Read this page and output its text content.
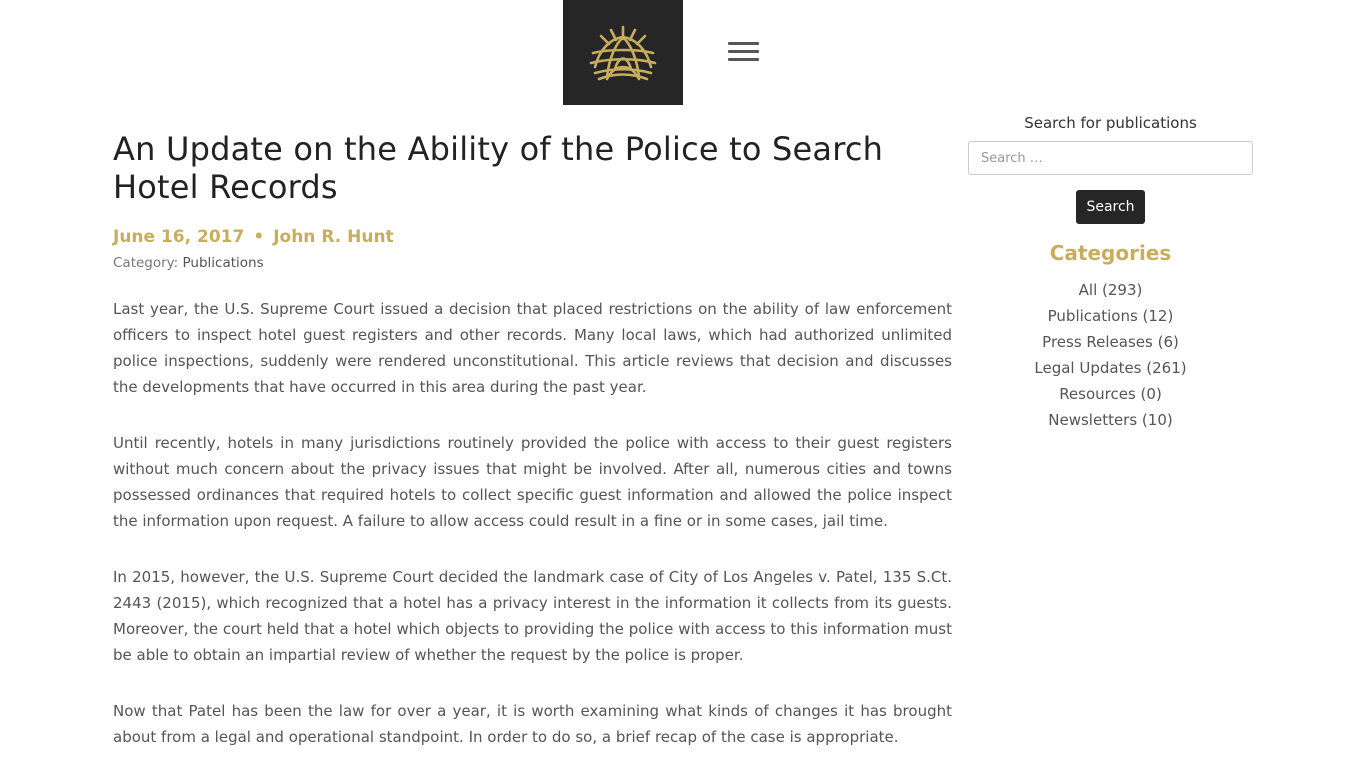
An Update on the Ability of the Police to Search Hotel Records
June 16, 2017 • John R. Hunt
Category: Publications

Last year, the U.S. Supreme Court issued a decision that placed restrictions on the ability of law enforcement officers to inspect hotel guest registers and other records. Many local laws, which had authorized unlimited police inspections, suddenly were rendered unconstitutional. This article reviews that decision and discusses the developments that have occurred in this area during the past year.

Until recently, hotels in many jurisdictions routinely provided the police with access to their guest registers without much concern about the privacy issues that might be involved. After all, numerous cities and towns possessed ordinances that required hotels to collect specific guest information and allowed the police inspect the information upon request. A failure to allow access could result in a fine or in some cases, jail time.

In 2015, however, the U.S. Supreme Court decided the landmark case of City of Los Angeles v. Patel, 135 S.Ct. 2443 (2015), which recognized that a hotel has a privacy interest in the information it collects from its guests. Moreover, the court held that a hotel which objects to providing the police with access to this information must be able to obtain an impartial review of whether the request by the police is proper.

Now that Patel has been the law for over a year, it is worth examining what kinds of changes it has brought about from a legal and operational standpoint. In order to do so, a brief recap of the case is appropriate.

Search for publications
Search … Search
Categories
All (293)
Publications (12)
Press Releases (6)
Legal Updates (261)
Resources (0)
Newsletters (10)
